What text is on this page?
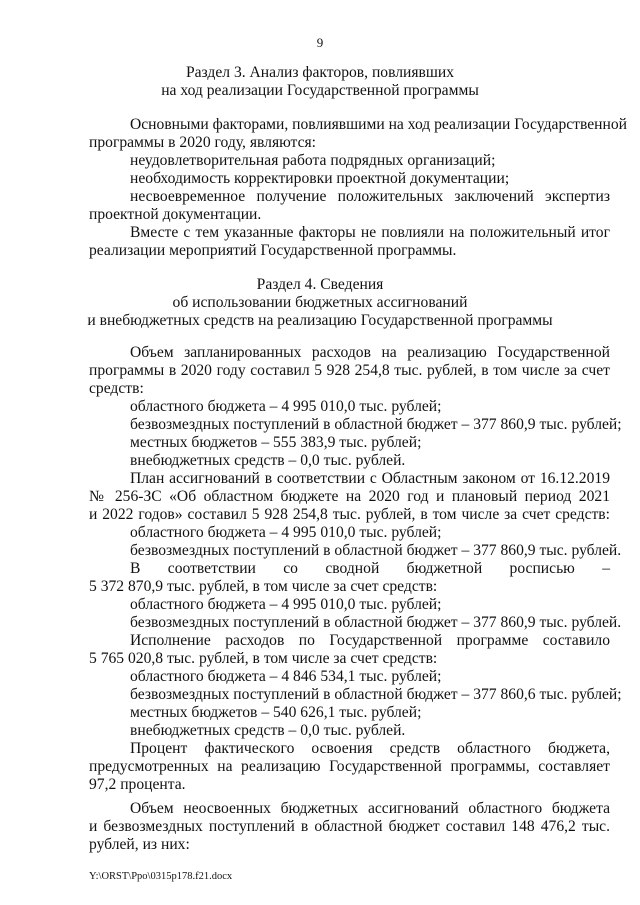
9
Раздел 3. Анализ факторов, повлиявших
на ход реализации Государственной программы
Основными факторами, повлиявшими на ход реализации Государственной
программы в 2020 году, являются:
неудовлетворительная работа подрядных организаций;
необходимость корректировки проектной документации;
несвоевременное получение положительных заключений экспертиз
проектной документации.
Вместе с тем указанные факторы не повлияли на положительный итог
реализации мероприятий Государственной программы.
Раздел 4. Сведения
об использовании бюджетных ассигнований
и внебюджетных средств на реализацию Государственной программы
Объем запланированных расходов на реализацию Государственной
программы в 2020 году составил 5 928 254,8 тыс. рублей, в том числе за счет
средств:
областного бюджета – 4 995 010,0 тыс. рублей;
безвозмездных поступлений в областной бюджет – 377 860,9 тыс. рублей;
местных бюджетов – 555 383,9 тыс. рублей;
внебюджетных средств – 0,0 тыс. рублей.
План ассигнований в соответствии с Областным законом от 16.12.2019
№ 256-ЗС «Об областном бюджете на 2020 год и плановый период 2021
и 2022 годов» составил 5 928 254,8 тыс. рублей, в том числе за счет средств:
областного бюджета – 4 995 010,0 тыс. рублей;
безвозмездных поступлений в областной бюджет – 377 860,9 тыс. рублей.
В соответствии со сводной бюджетной росписью –
5 372 870,9 тыс. рублей, в том числе за счет средств:
областного бюджета – 4 995 010,0 тыс. рублей;
безвозмездных поступлений в областной бюджет – 377 860,9 тыс. рублей.
Исполнение расходов по Государственной программе составило
5 765 020,8 тыс. рублей, в том числе за счет средств:
областного бюджета – 4 846 534,1 тыс. рублей;
безвозмездных поступлений в областной бюджет – 377 860,6 тыс. рублей;
местных бюджетов – 540 626,1 тыс. рублей;
внебюджетных средств – 0,0 тыс. рублей.
Процент фактического освоения средств областного бюджета,
предусмотренных на реализацию Государственной программы, составляет
97,2 процента.
Объем неосвоенных бюджетных ассигнований областного бюджета
и безвозмездных поступлений в областной бюджет составил 148 476,2 тыс.
рублей, из них:
Y:\ORST\Ppo\0315p178.f21.docx
